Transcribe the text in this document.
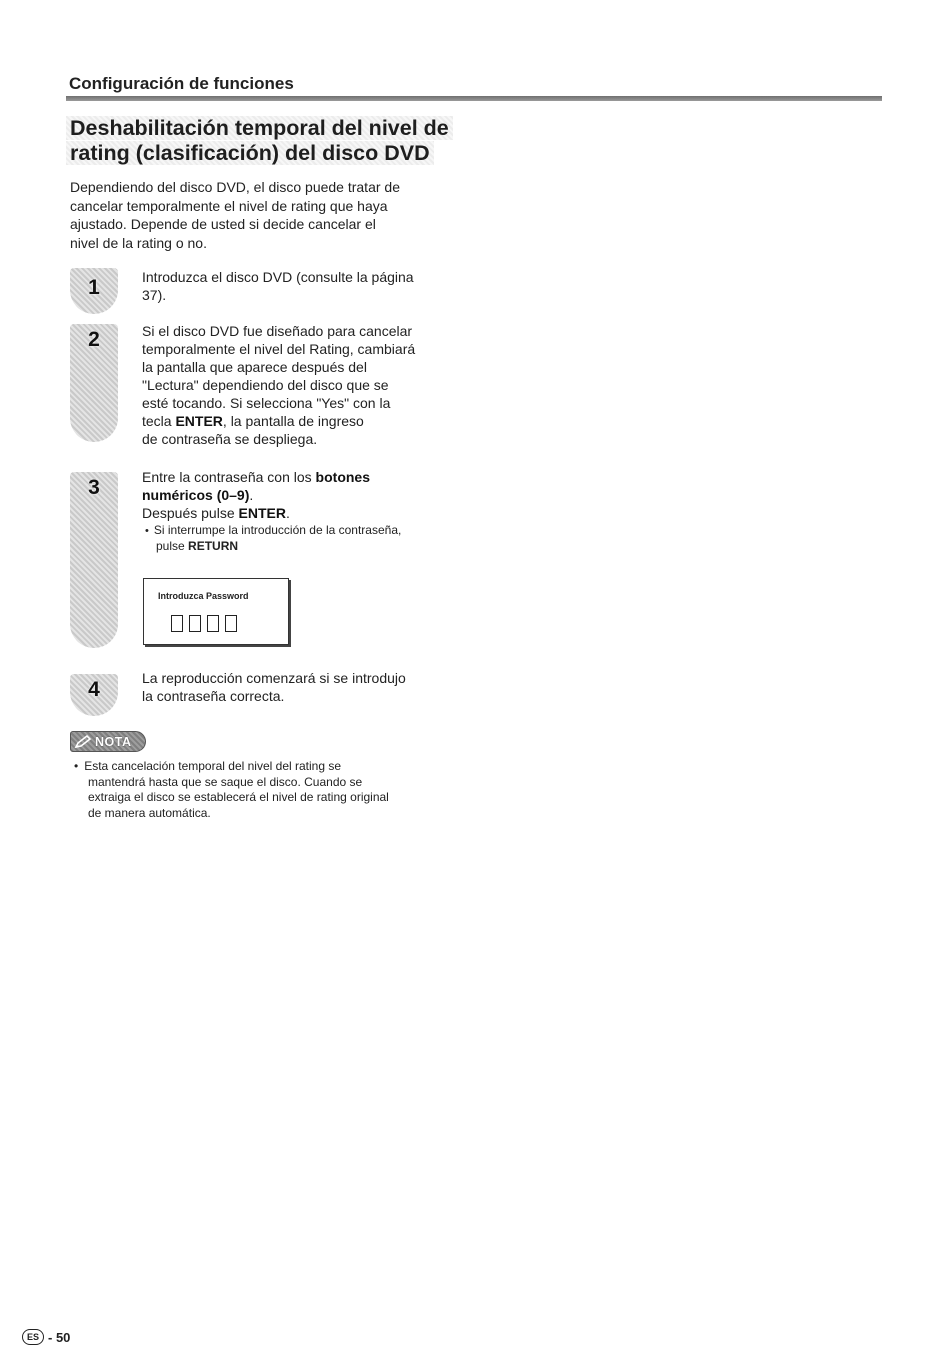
Configuración de funciones
Deshabilitación temporal del nivel de
rating (clasificación) del disco DVD
Dependiendo del disco DVD, el disco puede tratar de
cancelar temporalmente el nivel de rating que haya
ajustado. Depende de usted si decide cancelar el
nivel de la rating o no.
1	Introduzca el disco DVD (consulte la página
37).
2	Si el disco DVD fue diseñado para cancelar
temporalmente el nivel del Rating, cambiará
la pantalla que aparece después del
"Lectura" dependiendo del disco que se
esté tocando. Si selecciona "Yes" con la
tecla ENTER, la pantalla de ingreso
de contraseña se despliega.
3	Entre la contraseña con los botones
numéricos (0–9).
Después pulse ENTER.
• Si interrumpe la introducción de la contraseña,
pulse RETURN
Introduzca Password
4	La reproducción comenzará si se introdujo
la contraseña correcta.
NOTA
• Esta cancelación temporal del nivel del rating se
mantendrá hasta que se saque el disco. Cuando se
extraiga el disco se establecerá el nivel de rating original
de manera automática.
ES - 50
